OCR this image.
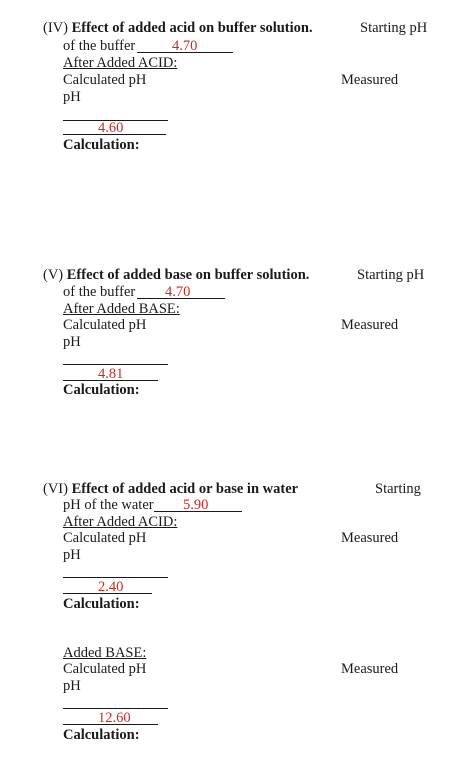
(IV) Effect of added acid on buffer solution.	Starting pH
of the buffer	4.70
After Added ACID:
Calculated pH	Measured
pH
4.60
Calculation:
(V) Effect of added base on buffer solution.	Starting pH
of the buffer 4.70
After Added BASE:
Calculated pH	Measured
pH
4.81
Calculation:
(VI) Effect of added acid or base in water	Starting
pH of the water 5.90
After Added ACID:
Calculated pH	Measured
pH
2.40
Calculation:
Added BASE:
Calculated pH	Measured
pH
12.60
Calculation:
